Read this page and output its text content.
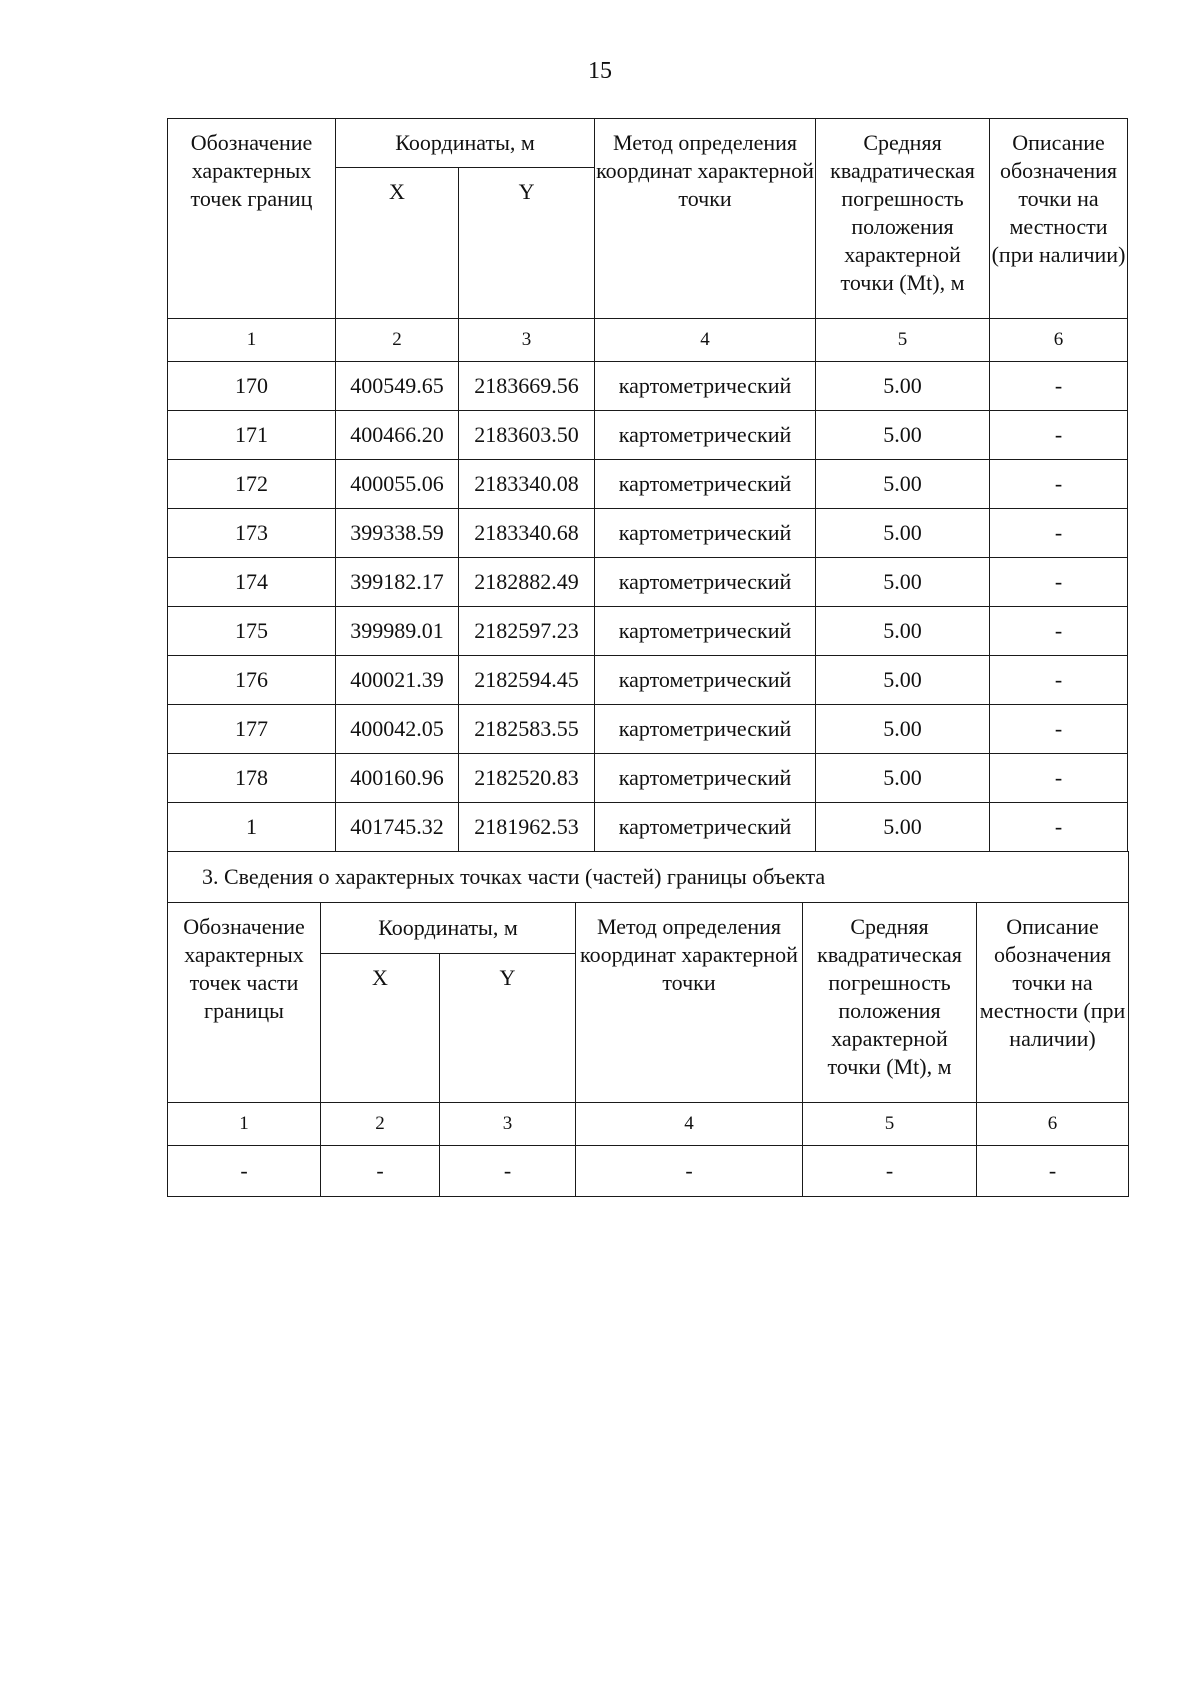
15
Обозначение характерных точек границ	Координаты, м		Метод определения координат характерной точки	Средняя квадратическая погрешность положения характерной точки (Mt), м	Описание обозначения точки на местности (при наличии)
	X	Y			
1	2	3	4	5	6
170	400549.65	2183669.56	картометрический	5.00	-
171	400466.20	2183603.50	картометрический	5.00	-
172	400055.06	2183340.08	картометрический	5.00	-
173	399338.59	2183340.68	картометрический	5.00	-
174	399182.17	2182882.49	картометрический	5.00	-
175	399989.01	2182597.23	картометрический	5.00	-
176	400021.39	2182594.45	картометрический	5.00	-
177	400042.05	2182583.55	картометрический	5.00	-
178	400160.96	2182520.83	картометрический	5.00	-
1	401745.32	2181962.53	картометрический	5.00	-
3. Сведения о характерных точках части (частей) границы объекта					
Обозначение характерных точек части границы	Координаты, м		Метод определения координат характерной точки	Средняя квадратическая погрешность положения характерной точки (Mt), м	Описание обозначения точки на местности (при наличии)
	X	Y			
1	2	3	4	5	6
-	-	-	-	-	-
